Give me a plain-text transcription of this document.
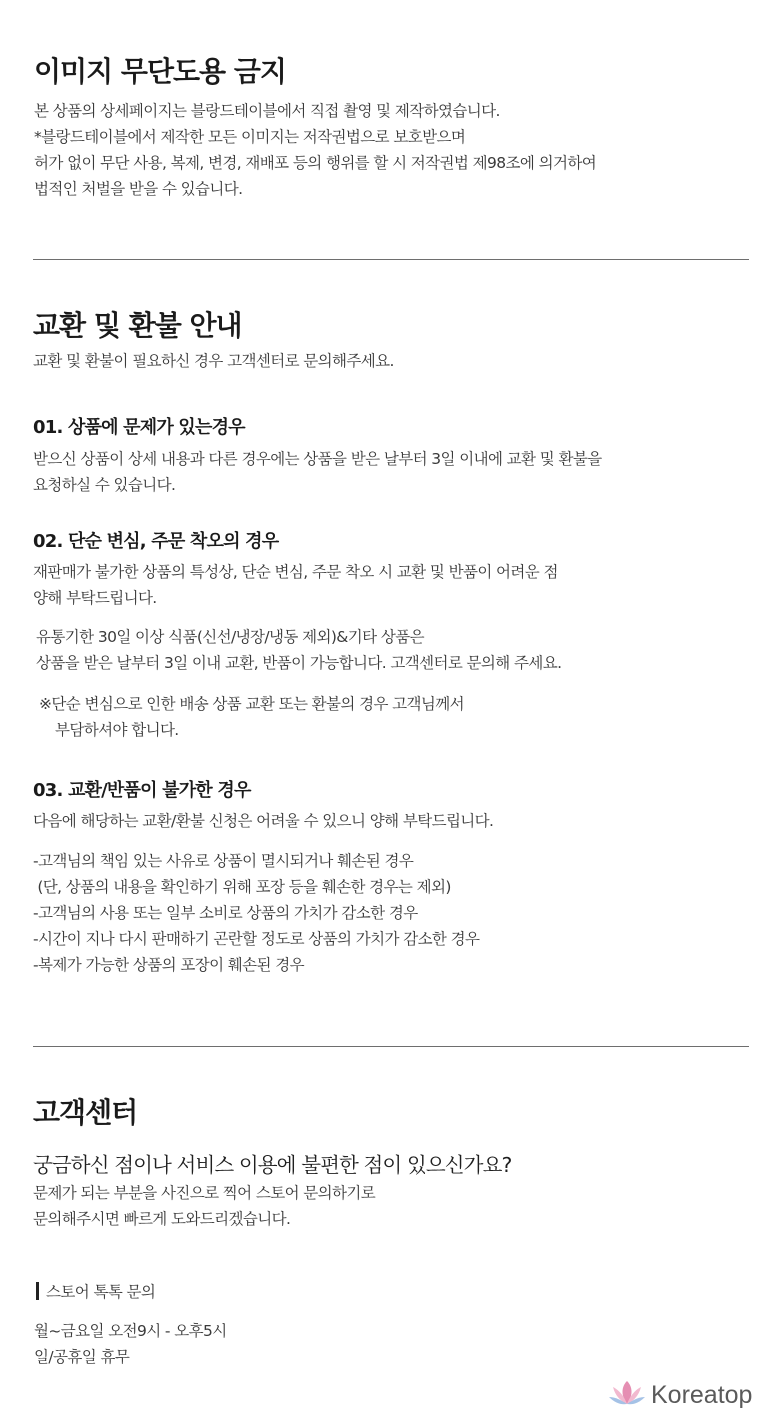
이미지 무단도용 금지
본 상품의 상세페이지는 블랑드테이블에서 직접 촬영 및 제작하였습니다.
*블랑드테이블에서 제작한 모든 이미지는 저작권법으로 보호받으며
허가 없이 무단 사용, 복제, 변경, 재배포 등의 행위를 할 시 저작권법 제98조에 의거하여
법적인 처벌을 받을 수 있습니다.
교환 및 환불 안내
교환 및 환불이 필요하신 경우 고객센터로 문의해주세요.
01. 상품에 문제가 있는경우
받으신 상품이 상세 내용과 다른 경우에는 상품을 받은 날부터 3일 이내에 교환 및 환불을
요청하실 수 있습니다.
02. 단순 변심, 주문 착오의 경우
재판매가 불가한 상품의 특성상, 단순 변심, 주문 착오 시 교환 및 반품이 어려운 점
양해 부탁드립니다.
유통기한 30일 이상 식품(신선/냉장/냉동 제외)&기타 상품은
상품을 받은 날부터 3일 이내 교환, 반품이 가능합니다. 고객센터로 문의해 주세요.
※단순 변심으로 인한 배송 상품 교환 또는 환불의 경우 고객님께서
부담하셔야 합니다.
03. 교환/반품이 불가한 경우
다음에 해당하는 교환/환불 신청은 어려울 수 있으니 양해 부탁드립니다.
-고객님의 책임 있는 사유로 상품이 멸시되거나 훼손된 경우
(단, 상품의 내용을 확인하기 위해 포장 등을 훼손한 경우는 제외)
-고객님의 사용 또는 일부 소비로 상품의 가치가 감소한 경우
-시간이 지나 다시 판매하기 곤란할 정도로 상품의 가치가 감소한 경우
-복제가 가능한 상품의 포장이 훼손된 경우
고객센터
궁금하신 점이나 서비스 이용에 불편한 점이 있으신가요?
문제가 되는 부분을 사진으로 찍어 스토어 문의하기로
문의해주시면 빠르게 도와드리겠습니다.
스토어 톡톡 문의
월~금요일 오전9시 - 오후5시
일/공휴일 휴무
Koreatop
